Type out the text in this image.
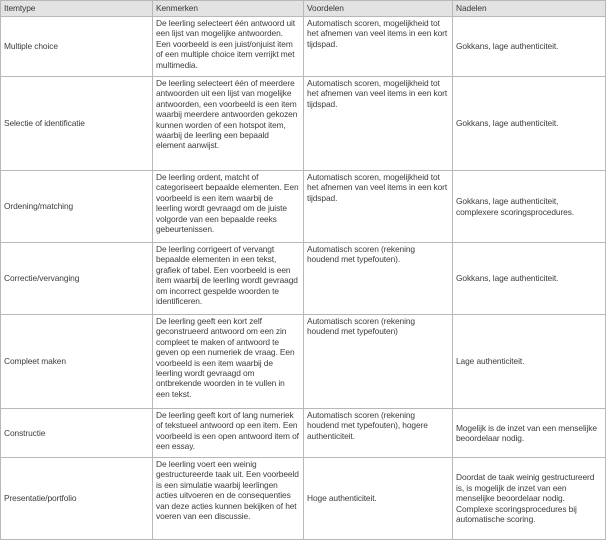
Itemtype	Kenmerken	Voordelen	Nadelen
Multiple choice	De leerling selecteert één antwoord uit een lijst van mogelijke antwoorden. Een voorbeeld is een juist/onjuist item of een multiple choice item verrijkt met multimedia.	Automatisch scoren, mogelijkheid tot het afnemen van veel items in een kort tijdspad.	Gokkans, lage authenticiteit.
Selectie of identificatie	De leerling selecteert één of meerdere antwoorden uit een lijst van mogelijke antwoorden, een voorbeeld is een item waarbij meerdere antwoorden gekozen kunnen worden of een hotspot item, waarbij de leerling een bepaald element aanwijst.	Automatisch scoren, mogelijkheid tot het afnemen van veel items in een kort tijdspad.	Gokkans, lage authenticiteit.
Ordening/matching	De leerling ordent, matcht of categoriseert bepaalde elementen. Een voorbeeld is een item waarbij de leerling wordt gevraagd om de juiste volgorde van een bepaalde reeks gebeurtenissen.	Automatisch scoren, mogelijkheid tot het afnemen van veel items in een kort tijdspad.	Gokkans, lage authenticiteit, complexere scoringsprocedures.
Correctie/vervanging	De leerling corrigeert of vervangt bepaalde elementen in een tekst, grafiek of tabel. Een voorbeeld is een item waarbij de leerling wordt gevraagd om incorrect gespelde woorden te identificeren.	Automatisch scoren (rekening houdend met typefouten).	Gokkans, lage authenticiteit.
Compleet maken	De leerling geeft een kort zelf geconstrueerd antwoord om een zin compleet te maken of antwoord te geven op een numeriek de vraag. Een voorbeeld is een item waarbij de leerling wordt gevraagd om ontbrekende woorden in te vullen in een tekst.	Automatisch scoren (rekening houdend met typefouten)	Lage authenticiteit.
Constructie	De leerling geeft kort of lang numeriek of tekstueel antwoord op een item. Een voorbeeld is een open antwoord item of een essay.	Automatisch scoren (rekening houdend met typefouten), hogere authenticiteit.	Mogelijk is de inzet van een menselijke beoordelaar nodig.
Presentatie/portfolio	De leerling voert een weinig gestructureerde taak uit. Een voorbeeld is een simulatie waarbij leerlingen acties uitvoeren en de consequenties van deze acties kunnen bekijken of het voeren van een discussie.	Hoge authenticiteit.	Doordat de taak weinig gestructureerd is, is mogelijk de inzet van een menselijke beoordelaar nodig. Complexe scoringsprocedures bij automatische scoring.
